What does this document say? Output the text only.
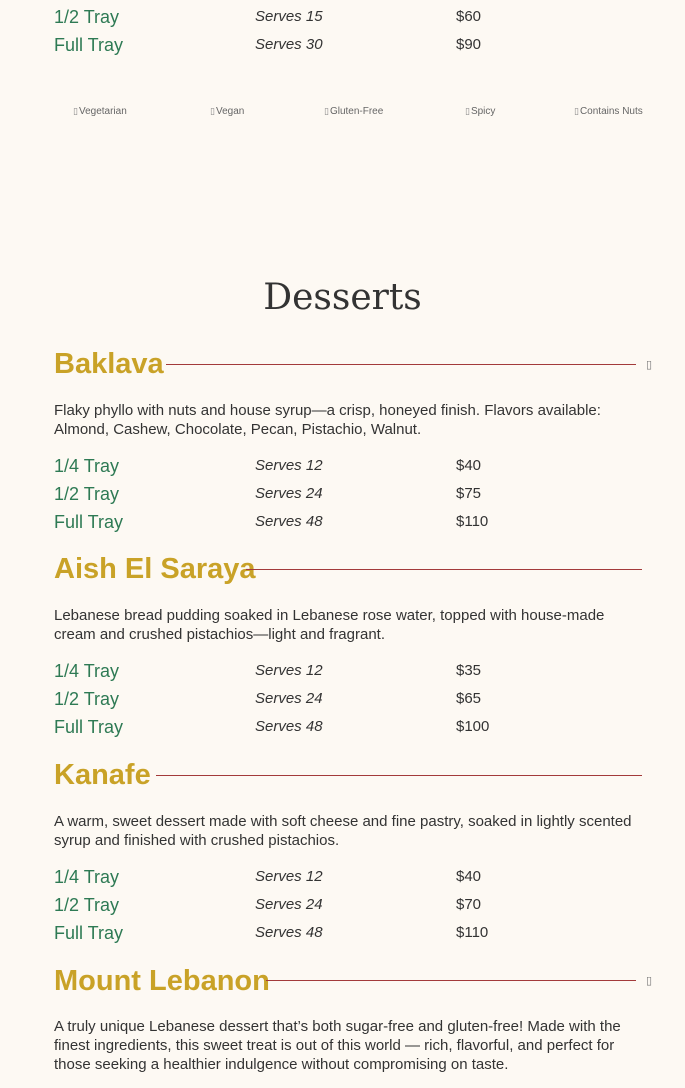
1/2 Tray	Serves 15	$60
Full Tray	Serves 30	$90
▯Vegetarian	▯Vegan	▯Gluten-Free	▯Spicy	▯Contains Nuts
Desserts
Baklava	▯
Flaky phyllo with nuts and house syrup—a crisp, honeyed finish. Flavors available: Almond, Cashew, Chocolate, Pecan, Pistachio, Walnut.
1/4 Tray	Serves 12	$40
1/2 Tray	Serves 24	$75
Full Tray	Serves 48	$110
Aish El Saraya
Lebanese bread pudding soaked in Lebanese rose water, topped with house-made cream and crushed pistachios—light and fragrant.
1/4 Tray	Serves 12	$35
1/2 Tray	Serves 24	$65
Full Tray	Serves 48	$100
Kanafe
A warm, sweet dessert made with soft cheese and fine pastry, soaked in lightly scented syrup and finished with crushed pistachios.
1/4 Tray	Serves 12	$40
1/2 Tray	Serves 24	$70
Full Tray	Serves 48	$110
Mount Lebanon	▯
A truly unique Lebanese dessert that’s both sugar-free and gluten-free! Made with the finest ingredients, this sweet treat is out of this world — rich, flavorful, and perfect for those seeking a healthier indulgence without compromising on taste.
